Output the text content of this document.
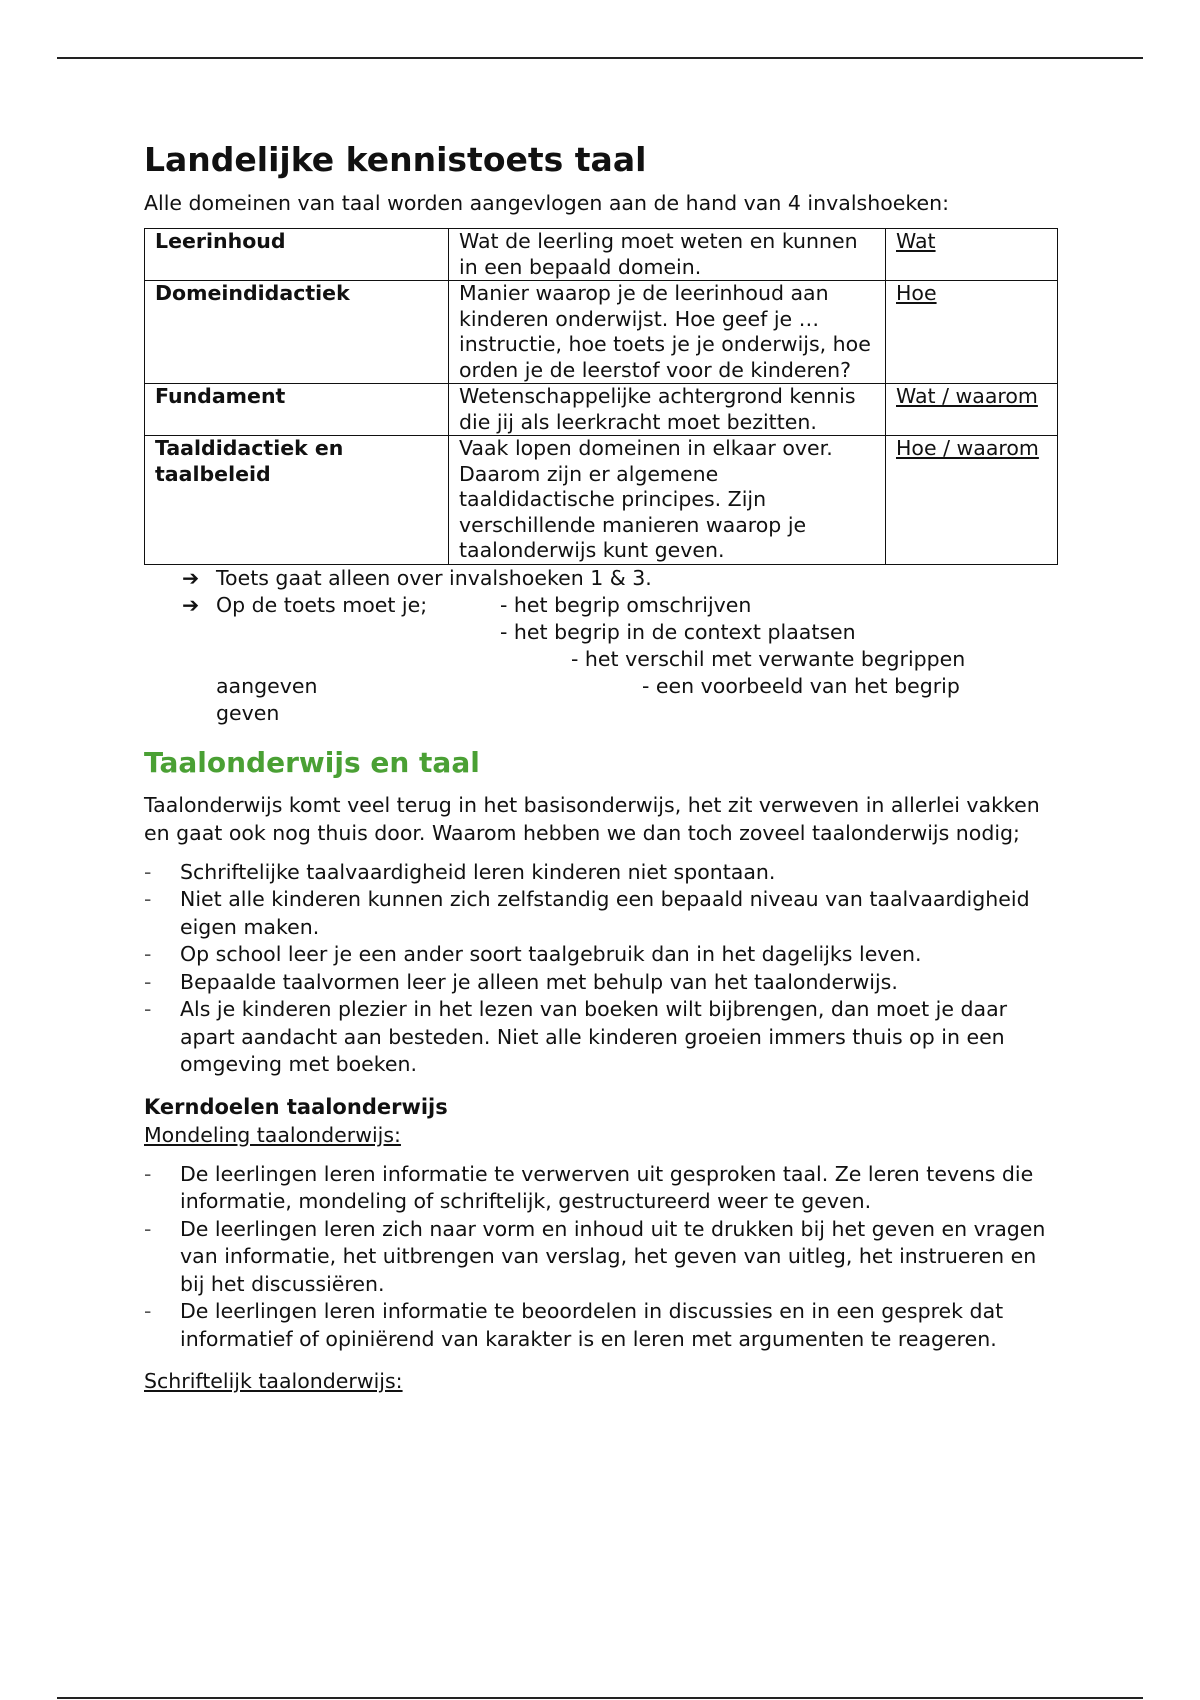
Landelijke kennistoets taal
Alle domeinen van taal worden aangevlogen aan de hand van 4 invalshoeken:
Leerinhoud	Wat de leerling moet weten en kunnen in een bepaald domein.	Wat
Domeindidactiek	Manier waarop je de leerinhoud aan kinderen onderwijst. Hoe geef je … instructie, hoe toets je je onderwijs, hoe orden je de leerstof voor de kinderen?	Hoe
Fundament	Wetenschappelijke achtergrond kennis die jij als leerkracht moet bezitten.	Wat / waarom
Taaldidactiek en taalbeleid	Vaak lopen domeinen in elkaar over. Daarom zijn er algemene taaldidactische principes. Zijn verschillende manieren waarop je taalonderwijs kunt geven.	Hoe / waarom
➔ Toets gaat alleen over invalshoeken 1 & 3.
➔ Op de toets moet je;	- het begrip omschrijven
- het begrip in de context plaatsen
- het verschil met verwante begrippen
aangeven	- een voorbeeld van het begrip
geven
Taalonderwijs en taal

Taalonderwijs komt veel terug in het basisonderwijs, het zit verweven in allerlei vakken en gaat ook nog thuis door. Waarom hebben we dan toch zoveel taalonderwijs nodig;

- Schriftelijke taalvaardigheid leren kinderen niet spontaan.
- Niet alle kinderen kunnen zich zelfstandig een bepaald niveau van taalvaardigheid eigen maken.
- Op school leer je een ander soort taalgebruik dan in het dagelijks leven.
- Bepaalde taalvormen leer je alleen met behulp van het taalonderwijs.
- Als je kinderen plezier in het lezen van boeken wilt bijbrengen, dan moet je daar apart aandacht aan besteden. Niet alle kinderen groeien immers thuis op in een omgeving met boeken.
Kerndoelen taalonderwijs
Mondeling taalonderwijs:
- De leerlingen leren informatie te verwerven uit gesproken taal. Ze leren tevens die informatie, mondeling of schriftelijk, gestructureerd weer te geven.
- De leerlingen leren zich naar vorm en inhoud uit te drukken bij het geven en vragen van informatie, het uitbrengen van verslag, het geven van uitleg, het instrueren en bij het discussiëren.
- De leerlingen leren informatie te beoordelen in discussies en in een gesprek dat informatief of opiniërend van karakter is en leren met argumenten te reageren.
Schriftelijk taalonderwijs:
